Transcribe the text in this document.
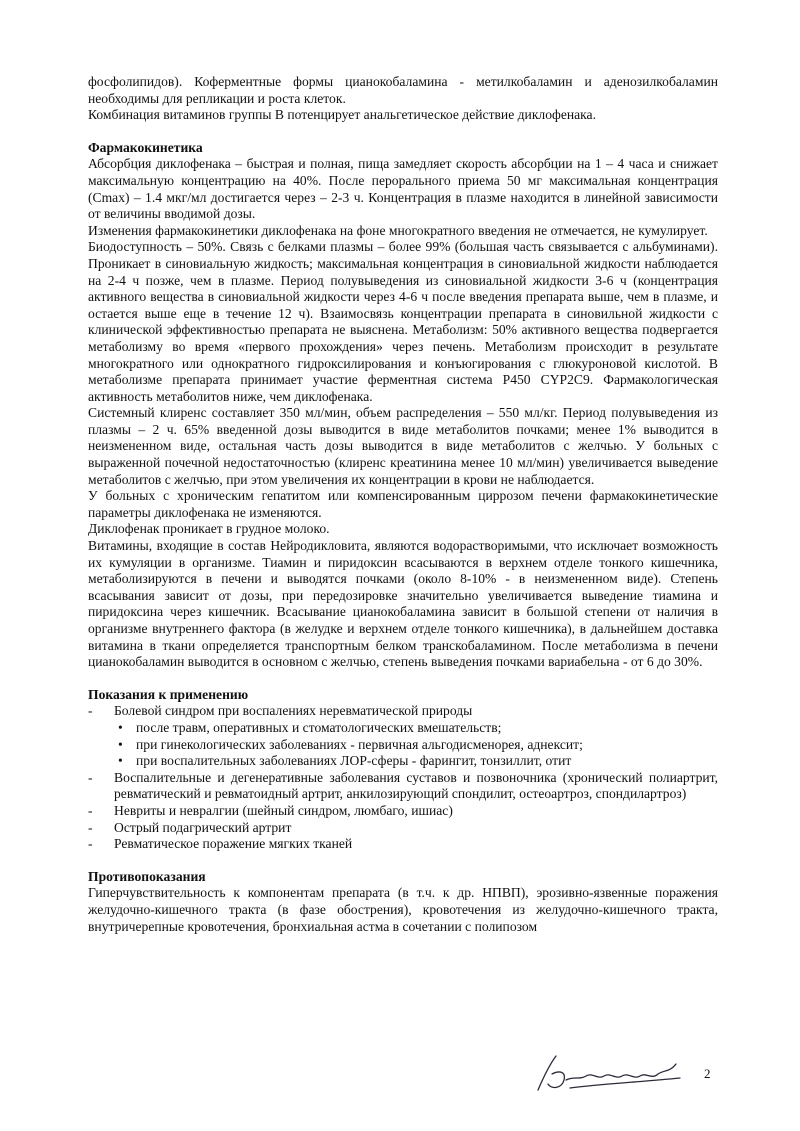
фосфолипидов). Коферментные формы цианокобаламина - метилкобаламин и аденозилкобаламин необходимы для репликации и роста клеток.

Комбинация витаминов группы В потенцирует анальгетическое действие диклофенака.

Фармакокинетика

Абсорбция диклофенака – быстрая и полная, пища замедляет скорость абсорбции на 1 – 4 часа и снижает максимальную концентрацию на 40%. После перорального приема 50 мг максимальная концентрация (Cmax) – 1.4 мкг/мл достигается через – 2-3 ч. Концентрация в плазме находится в линейной зависимости от величины вводимой дозы.

Изменения фармакокинетики диклофенака на фоне многократного введения не отмечается, не кумулирует.

Биодоступность – 50%. Связь с белками плазмы – более 99% (большая часть связывается с альбуминами). Проникает в синовиальную жидкость; максимальная концентрация в синовиальной жидкости наблюдается на 2-4 ч позже, чем в плазме. Период полувыведения из синовиальной жидкости 3-6 ч (концентрация активного вещества в синовиальной жидкости через 4-6 ч после введения препарата выше, чем в плазме, и остается выше еще в течение 12 ч). Взаимосвязь концентрации препарата в синовильной жидкости с клинической эффективностью препарата не выяснена. Метаболизм: 50% активного вещества подвергается метаболизму во время «первого прохождения» через печень. Метаболизм происходит в результате многократного или однократного гидроксилирования и конъюгирования с глюкуроновой кислотой. В метаболизме препарата принимает участие ферментная система Р450 CYP2C9. Фармакологическая активность метаболитов ниже, чем диклофенака.

Системный клиренс составляет 350 мл/мин, объем распределения – 550 мл/кг. Период полувыведения из плазмы – 2 ч. 65% введенной дозы выводится в виде метаболитов почками; менее 1% выводится в неизмененном виде, остальная часть дозы выводится в виде метаболитов с желчью. У больных с выраженной почечной недостаточностью (клиренс креатинина менее 10 мл/мин) увеличивается выведение метаболитов с желчью, при этом увеличения их концентрации в крови не наблюдается.

У больных с хроническим гепатитом или компенсированным циррозом печени фармакокинетические параметры диклофенака не изменяются.

Диклофенак проникает в грудное молоко.

Витамины, входящие в состав Нейродикловита, являются водорастворимыми, что исключает возможность их кумуляции в организме. Тиамин и пиридоксин всасываются в верхнем отделе тонкого кишечника, метаболизируются в печени и выводятся почками (около 8-10% - в неизмененном виде). Степень всасывания зависит от дозы, при передозировке значительно увеличивается выведение тиамина и пиридоксина через кишечник. Всасывание цианокобаламина зависит в большой степени от наличия в организме внутреннего фактора (в желудке и верхнем отделе тонкого кишечника), в дальнейшем доставка витамина в ткани определяется транспортным белком транскобаламином. После метаболизма в печени цианокобаламин выводится в основном с желчью, степень выведения почками вариабельна - от 6 до 30%.

Показания к применению
-	Болевой синдром при воспалениях неревматической природы
• после травм, оперативных и стоматологических вмешательств;
• при гинекологических заболеваниях - первичная альгодисменорея, аднексит;
• при воспалительных заболеваниях ЛОР-сферы - фарингит, тонзиллит, отит
-	Воспалительные и дегенеративные заболевания суставов и позвоночника (хронический полиартрит, ревматический и ревматоидный артрит, анкилозирующий спондилит, остеоартроз, спондилартроз)
-	Невриты и невралгии (шейный синдром, люмбаго, ишиас)
-	Острый подагрический артрит
-	Ревматическое поражение мягких тканей
Противопоказания

Гиперчувствительность к компонентам препарата (в т.ч. к др. НПВП), эрозивно-язвенные поражения желудочно-кишечного тракта (в фазе обострения), кровотечения из желудочно-кишечного тракта, внутричерепные кровотечения, бронхиальная астма в сочетании с полипозом

2
